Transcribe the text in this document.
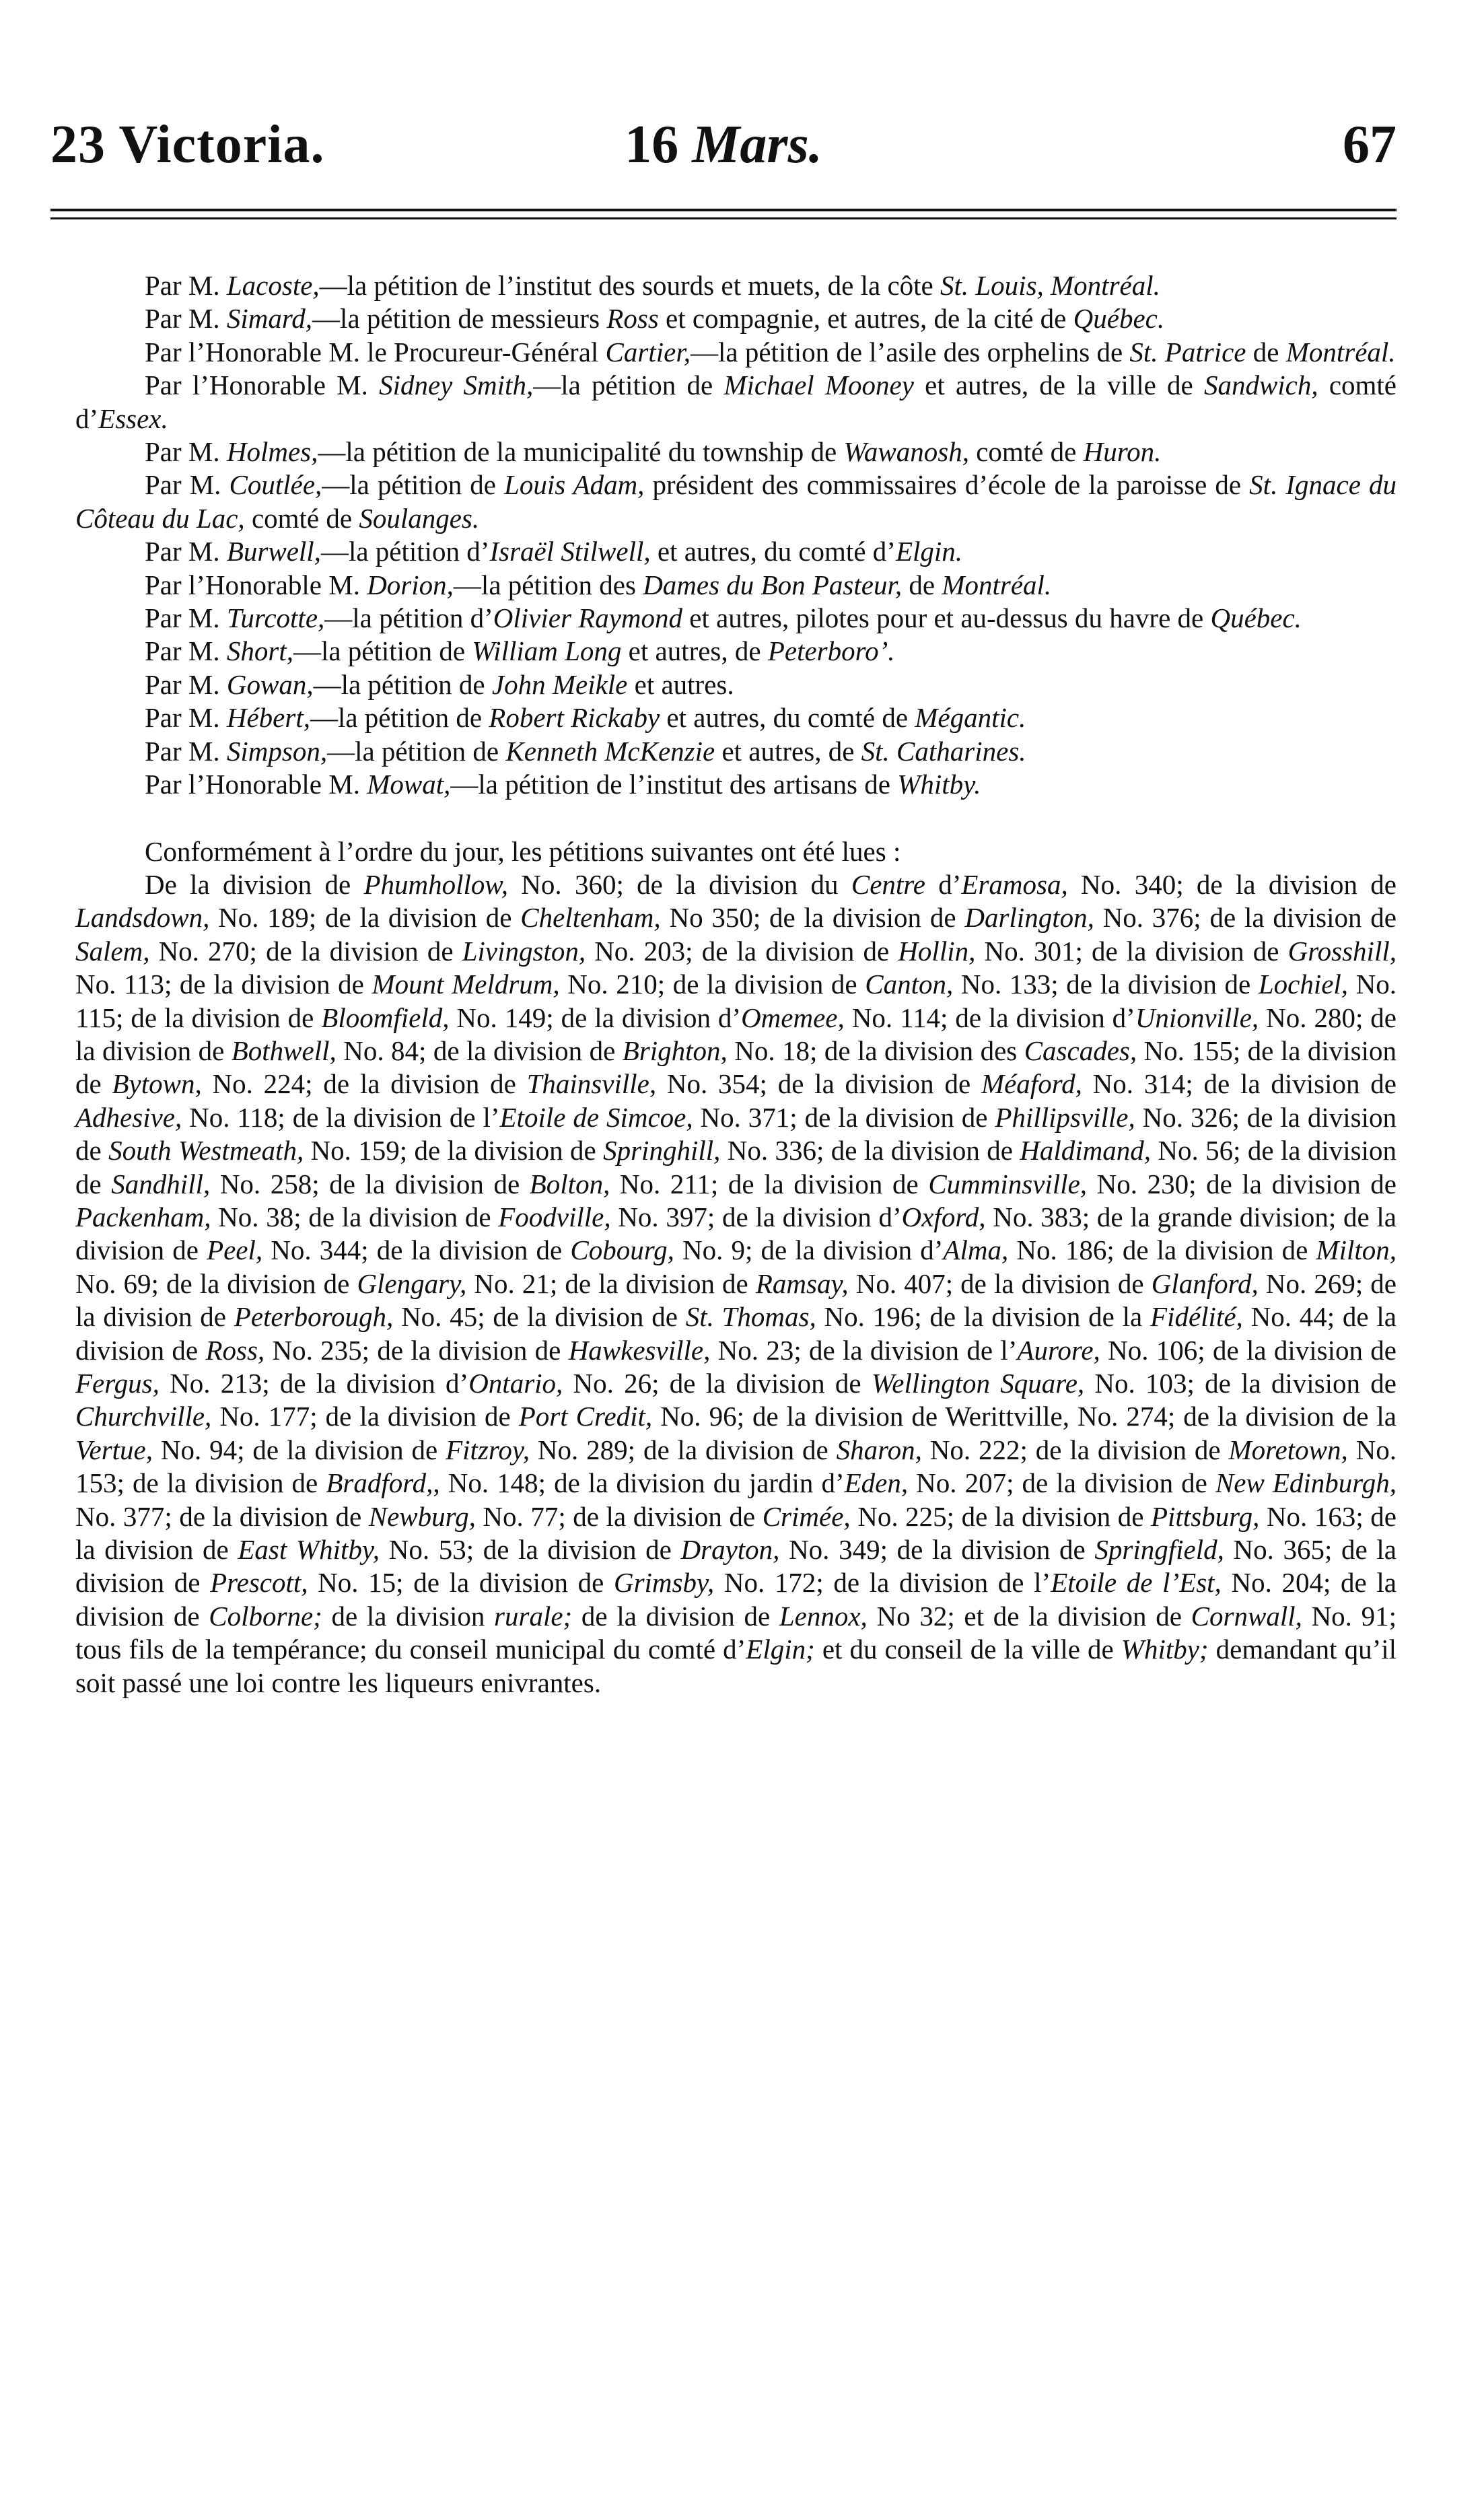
23 Victoria.	16 Mars.	67

Par M. Lacoste,—la pétition de l’institut des sourds et muets, de la côte St. Louis, Montréal.

Par M. Simard,—la pétition de messieurs Ross et compagnie, et autres, de la cité de Québec.

Par l’Honorable M. le Procureur-Général Cartier,—la pétition de l’asile des orphelins de St. Patrice de Montréal.

Par l’Honorable M. Sidney Smith,—la pétition de Michael Mooney et autres, de la ville de Sandwich, comté d’Essex.

Par M. Holmes,—la pétition de la municipalité du township de Wawanosh, comté de Huron.

Par M. Coutlée,—la pétition de Louis Adam, président des commissaires d’école de la paroisse de St. Ignace du Côteau du Lac, comté de Soulanges.

Par M. Burwell,—la pétition d’Israël Stilwell, et autres, du comté d’Elgin.

Par l’Honorable M. Dorion,—la pétition des Dames du Bon Pasteur, de Montréal.

Par M. Turcotte,—la pétition d’Olivier Raymond et autres, pilotes pour et au-dessus du havre de Québec.

Par M. Short,—la pétition de William Long et autres, de Peterboro’.

Par M. Gowan,—la pétition de John Meikle et autres.

Par M. Hébert,—la pétition de Robert Rickaby et autres, du comté de Mégantic.

Par M. Simpson,—la pétition de Kenneth McKenzie et autres, de St. Catharines.

Par l’Honorable M. Mowat,—la pétition de l’institut des artisans de Whitby.

Conformément à l’ordre du jour, les pétitions suivantes ont été lues :

De la division de Phumhollow, No. 360; de la division du Centre d’Eramosa, No. 340; de la division de Landsdown, No. 189; de la division de Cheltenham, No 350; de la division de Darlington, No. 376; de la division de Salem, No. 270; de la division de Livingston, No. 203; de la division de Hollin, No. 301; de la division de Grosshill, No. 113; de la division de Mount Meldrum, No. 210; de la division de Canton, No. 133; de la division de Lochiel, No. 115; de la division de Bloomfield, No. 149; de la division d’Omemee, No. 114; de la division d’Unionville, No. 280; de la division de Bothwell, No. 84; de la division de Brighton, No. 18; de la division des Cascades, No. 155; de la division de Bytown, No. 224; de la division de Thainsville, No. 354; de la division de Méaford, No. 314; de la division de Adhesive, No. 118; de la division de l’Etoile de Simcoe, No. 371; de la division de Phillipsville, No. 326; de la division de South Westmeath, No. 159; de la division de Springhill, No. 336; de la division de Haldimand, No. 56; de la division de Sandhill, No. 258; de la division de Bolton, No. 211; de la division de Cumminsville, No. 230; de la division de Packenham, No. 38; de la division de Foodville, No. 397; de la division d’Oxford, No. 383; de la grande division; de la division de Peel, No. 344; de la division de Cobourg, No. 9; de la division d’Alma, No. 186; de la division de Milton, No. 69; de la division de Glengary, No. 21; de la division de Ramsay, No. 407; de la division de Glanford, No. 269; de la division de Peterborough, No. 45; de la division de St. Thomas, No. 196; de la division de la Fidélité, No. 44; de la division de Ross, No. 235; de la division de Hawkesville, No. 23; de la division de l’Aurore, No. 106; de la division de Fergus, No. 213; de la division d’Ontario, No. 26; de la division de Wellington Square, No. 103; de la division de Churchville, No. 177; de la division de Port Credit, No. 96; de la division de Werittville, No. 274; de la division de la Vertue, No. 94; de la division de Fitzroy, No. 289; de la division de Sharon, No. 222; de la division de Moretown, No. 153; de la division de Bradford,, No. 148; de la division du jardin d’Eden, No. 207; de la division de New Edinburgh, No. 377; de la division de Newburg, No. 77; de la division de Crimée, No. 225; de la division de Pittsburg, No. 163; de la division de East Whitby, No. 53; de la division de Drayton, No. 349; de la division de Springfield, No. 365; de la division de Prescott, No. 15; de la division de Grimsby, No. 172; de la division de l’Etoile de l’Est, No. 204; de la division de Colborne; de la division rurale; de la division de Lennox, No 32; et de la division de Cornwall, No. 91; tous fils de la tempérance; du conseil municipal du comté d’Elgin; et du conseil de la ville de Whitby; demandant qu’il soit passé une loi contre les liqueurs enivrantes.
